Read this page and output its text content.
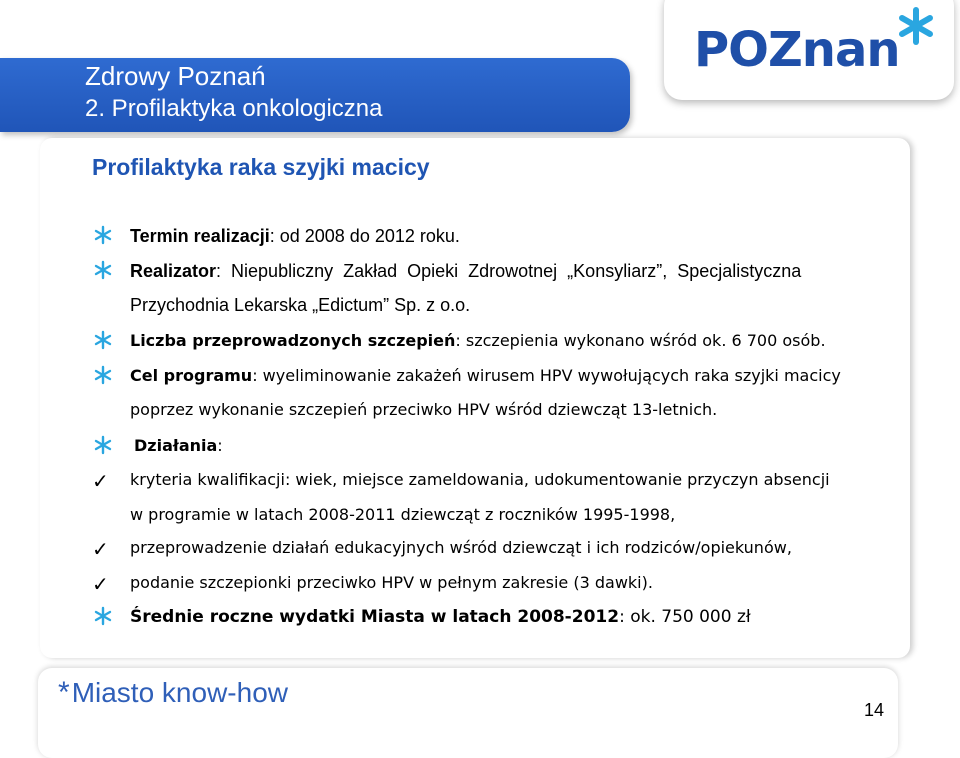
Zdrowy Poznań
2. Profilaktyka onkologiczna
POZnan
Profilaktyka raka szyjki macicy
Termin realizacji: od 2008 do 2012 roku.
Realizator:  Niepubliczny  Zakład  Opieki  Zdrowotnej  „Konsyliarz”,  Specjalistyczna
Przychodnia Lekarska „Edictum” Sp. z o.o.
Liczba przeprowadzonych szczepień: szczepienia wykonano wśród ok. 6 700 osób.
Cel programu: wyeliminowanie zakażeń wirusem HPV wywołujących raka szyjki macicy
poprzez wykonanie szczepień przeciwko HPV wśród dziewcząt 13-letnich.
Działania:
✓ kryteria kwalifikacji: wiek, miejsce zameldowania, udokumentowanie przyczyn absencji
w programie w latach 2008-2011 dziewcząt z roczników 1995-1998,
✓ przeprowadzenie działań edukacyjnych wśród dziewcząt i ich rodziców/opiekunów,
✓ podanie szczepionki przeciwko HPV w pełnym zakresie (3 dawki).
Średnie roczne wydatki Miasta w latach 2008-2012: ok. 750 000 zł
*Miasto know-how
14
